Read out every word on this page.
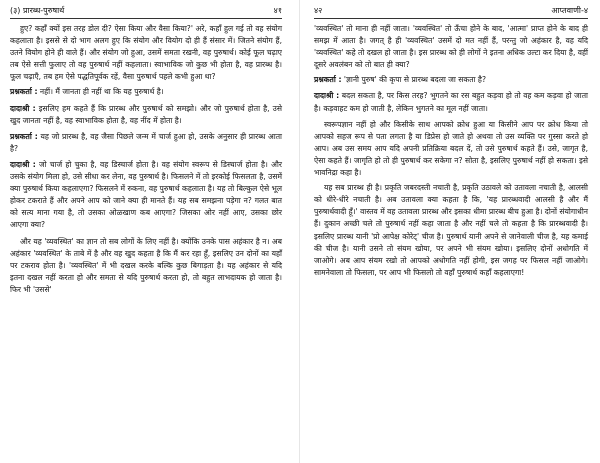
(३) प्रारब्ध-पुरुषार्थ	४१

हुए? कहाँ क्यों इस तरह डोल दी? ऐसा किया और वैसा किया?' अरे, कहाँ हुल गई तो वह संयोग कहलाता है। इससे से दो भाग अलग हुए कि संयोग और वियोग दो ही हैं संसार में। जितने संयोग हैं, उतने वियोग होने ही वाले हैं। और संयोग जो हुआ, उसमें समता रखनी, वह पुरुषार्थ। कोई फूल चढ़ाए तब ऐसे सत्ती फुलाए तो वह पुरुषार्थ नहीं कहलाता। स्वाभाविक जो कुछ भी होता है, वह प्रारब्ध है। फूल चढ़ाएँ, तब हम ऐसे पद्धतिपूर्वक रहें, वैसा पुरुषार्थ पहले कभी हुआ था?

प्रश्नकर्ता : नहीं। मैं जानता ही नहीं था कि यह पुरुषार्थ है।

दादाश्री : इसलिए हम कहते हैं कि प्रारब्ध और पुरुषार्थ को समझो। और जो पुरुषार्थ होता है, उसे खुद जानता नहीं है, वह स्वाभाविक होता है, वह नींद में होता है।

प्रश्नकर्ता : यह जो प्रारब्ध है, वह जैसा पिछले जन्म में चार्ज हुआ हो, उसके अनुसार ही प्रारब्ध आता है?

दादाश्री : जो चार्ज हो चुका है, वह डिस्चार्ज होता है। वह संयोग स्वरूप से डिस्चार्ज होता है। और उसके संयोग मिला हो, उसे सीधा कर लेना, वह पुरुषार्थ है। फिसलने में तो इरकोई फिसलता है, उसमें क्या पुरुषार्थ किया कहलाएगा? फिसलने में रुकना, वह पुरुषार्थ कहलाता है। यह तो बिल्कुल ऐसे भूल होकर टकराते हैं और अपने आप को जाने क्या ही मानते हैं। यह सब समझना पड़ेगा न? गलत बात को सत्य माना गया है, तो उसका ओळखाण कब आएगा? जिसका ओर नहीं आए, उसका छोर आएगा क्या?

और यह 'व्यवस्थित' का ज्ञान तो सब लोगों के लिए नहीं है। क्योंकि उनके पास अहंकार है न। अब अहंकार 'व्यवस्थित' के ताबे में है और वह खुद कहता है कि मैं कर रहा हूँ, इसलिए उन दोनों का यहाँ पर टकराव होता है। 'व्यवस्थित' में भी दखल करके बल्कि कुछ बिगाड़ता है। यह अहंकार से यदि इतना दखल नहीं करता हो और समता से यदि पुरुषार्थ करता हो, तो बहुत लाभदायक हो जाता है। फिर भी 'उससे'

४२	आप्तवाणी-४

'व्यवस्थित' तो माना ही नहीं जाता। 'व्यवस्थित' तो ऊँचा होने के बाद, 'आत्मा' प्राप्त होने के बाद ही समझ में आता है। जगत् है ही 'व्यवस्थित' उसमें दो मत नहीं हैं, परन्तु जो अहंकार है, वह यदि 'व्यवस्थित' कहे तो दखल हो जाता है। इस प्रारब्ध को ही लोगों ने इतना अधिक उल्टा कर दिया है, वहीं दूसरे अवलंबन को तो बात ही क्या?

प्रश्नकर्ता : 'ज्ञानी पुरुष' की कृपा से प्रारब्ध बदला जा सकता है?

दादाश्री : बदल सकता है, पर किस तरह? भुगतने का रस बहुत कड़वा हो तो वह कम कड़वा हो जाता है। कड़वाहट कम हो जाती है, लेकिन भुगतने का मूल नहीं जाता।

स्वरूपज्ञान नहीं हो और किसीके साथ आपको क्रोध हुआ या किसीने आप पर क्रोध किया तो आपको सहज रूप से पता लगता है या डिप्रेस हो जाते हो अथवा तो उस व्यक्ति पर गुस्सा करते हो आप। अब उस समय आप यदि अपनी प्रतिक्रिया बदल दें, तो उसे पुरुषार्थ कहते हैं। उसे, जागृत है, ऐसा कहते हैं। जागृति हो तो ही पुरुषार्थ कर सकेगा न? सोता है, इसलिए पुरुषार्थ नहीं हो सकता। इसे भावनिद्रा कहा है।

यह सब प्रारब्ध ही है। प्रकृति जबरदस्ती नचाती है, प्रकृति उठावले को उतावला नचाती है, आलसी को धीरे-धीरे नचाती है। अब उतावला क्या कहता है कि, 'यह प्रारब्धवादी आलसी है और मैं पुरुषार्थवादी हूँ।' वास्तव में वह उतावला प्रारब्ध और इसका धीमा प्रारब्ध बीच हुआ है। दोनों संयोगाधीन हैं। दुकान अच्छी चले तो पुरुषार्थ नहीं कहा जाता है और नहीं चले तो कहता है कि प्रारब्धवादी है। इसलिए प्रारब्ध यानी 'प्रो आपेक्ष कोरेट्' चीज है। पुरुषार्थ यानी अपने से जानेवाली चीज है, यह कमाई की चीज है। यानी उसने तो संयम खोया, पर अपने भी संयम खोया। इसलिए दोनों अधोगति में जाओगे। अब आप संयम रखो तो आपको अधोगति नहीं होगी, इस जगह पर फिसल नहीं जाओगे। सामनेवाला तो फिसला, पर आप भी फिसलो तो वहाँ पुरुषार्थ कहाँ कहलाएगा!
